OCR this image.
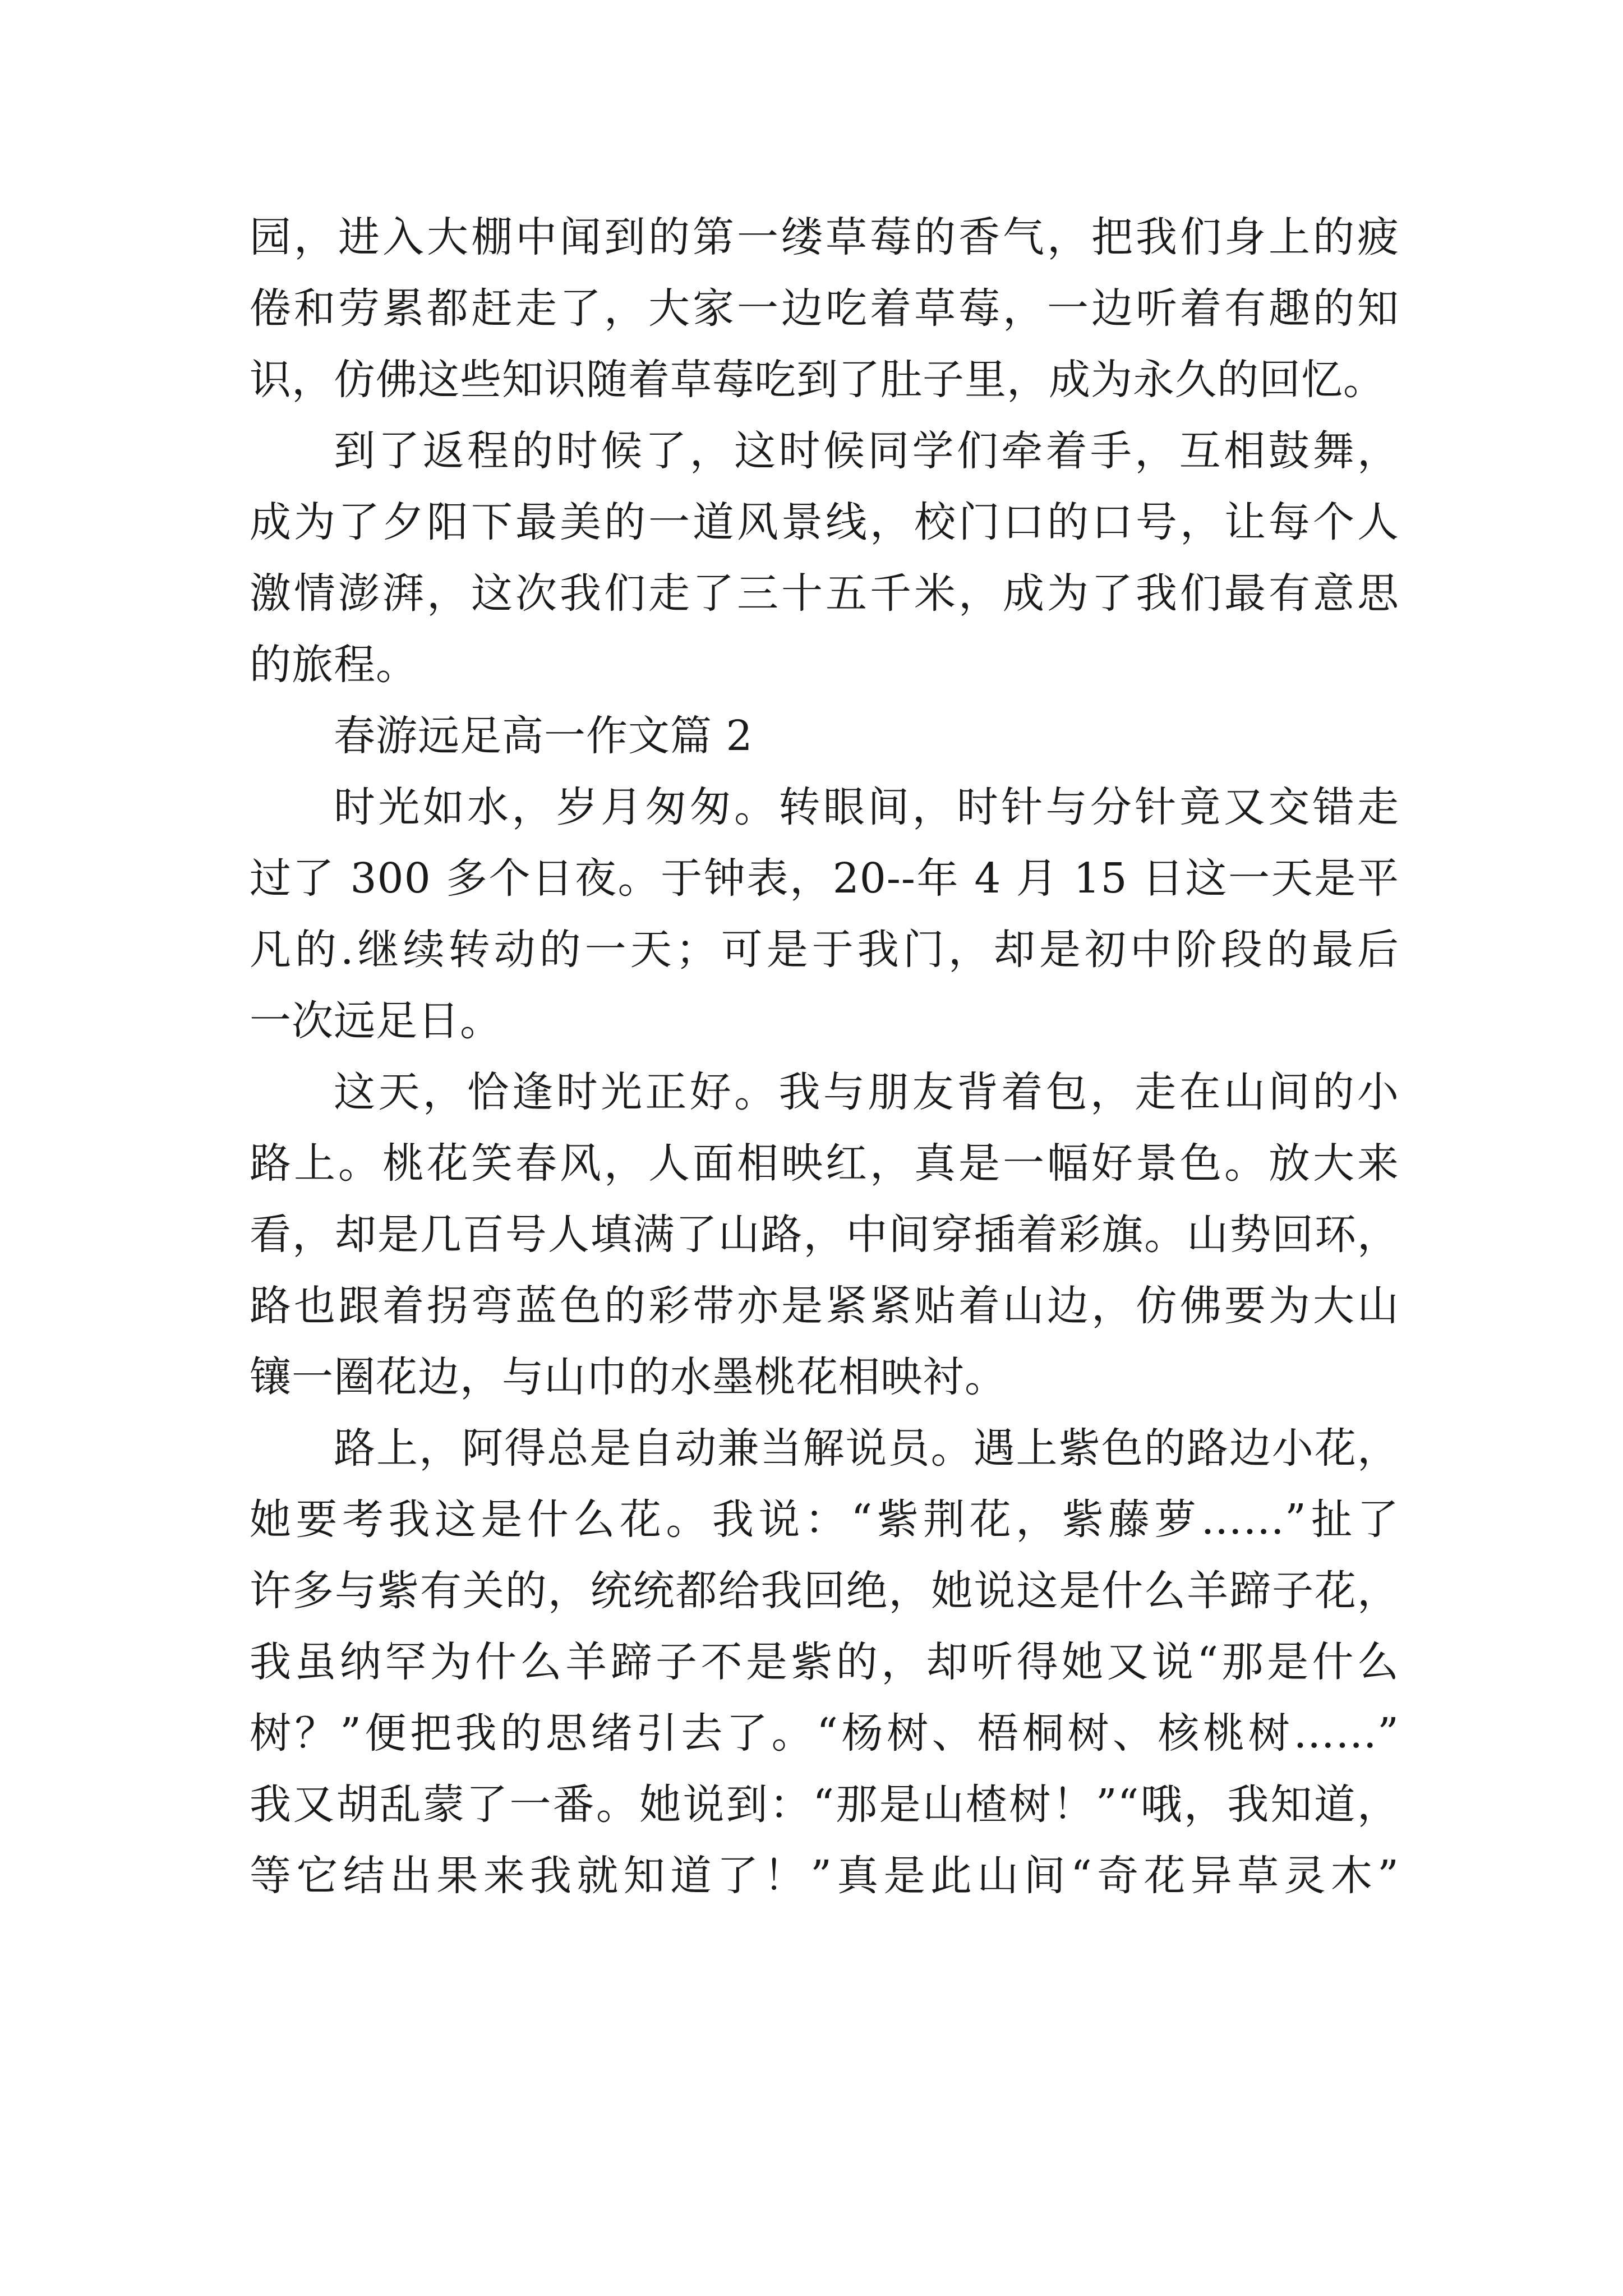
园，进入大棚中闻到的第一缕草莓的香气，把我们身上的疲
倦和劳累都赶走了，大家一边吃着草莓，一边听着有趣的知
识，仿佛这些知识随着草莓吃到了肚子里，成为永久的回忆。
到了返程的时候了，这时候同学们牵着手，互相鼓舞，
成为了夕阳下最美的一道风景线，校门口的口号，让每个人
激情澎湃，这次我们走了三十五千米，成为了我们最有意思
的旅程。
春游远足高一作文篇 2
时光如水，岁月匆匆。转眼间，时针与分针竟又交错走
过了 300 多个日夜。于钟表，20--年 4 月 15 日这一天是平
凡的.继续转动的一天；可是于我门，却是初中阶段的最后
一次远足日。
这天，恰逢时光正好。我与朋友背着包，走在山间的小
路上。桃花笑春风，人面相映红，真是一幅好景色。放大来
看，却是几百号人填满了山路，中间穿插着彩旗。山势回环，
路也跟着拐弯蓝色的彩带亦是紧紧贴着山边，仿佛要为大山
镶一圈花边，与山巾的水墨桃花相映衬。
路上，阿得总是自动兼当解说员。遇上紫色的路边小花，
她要考我这是什么花。我说：“紫荆花，紫藤萝……”扯了
许多与紫有关的，统统都给我回绝，她说这是什么羊蹄子花，
我虽纳罕为什么羊蹄子不是紫的，却听得她又说“那是什么
树？”便把我的思绪引去了。“杨树、梧桐树、核桃树……”
我又胡乱蒙了一番。她说到：“那是山楂树！”“哦，我知道，
等它结出果来我就知道了！”真是此山间“奇花异草灵木”
